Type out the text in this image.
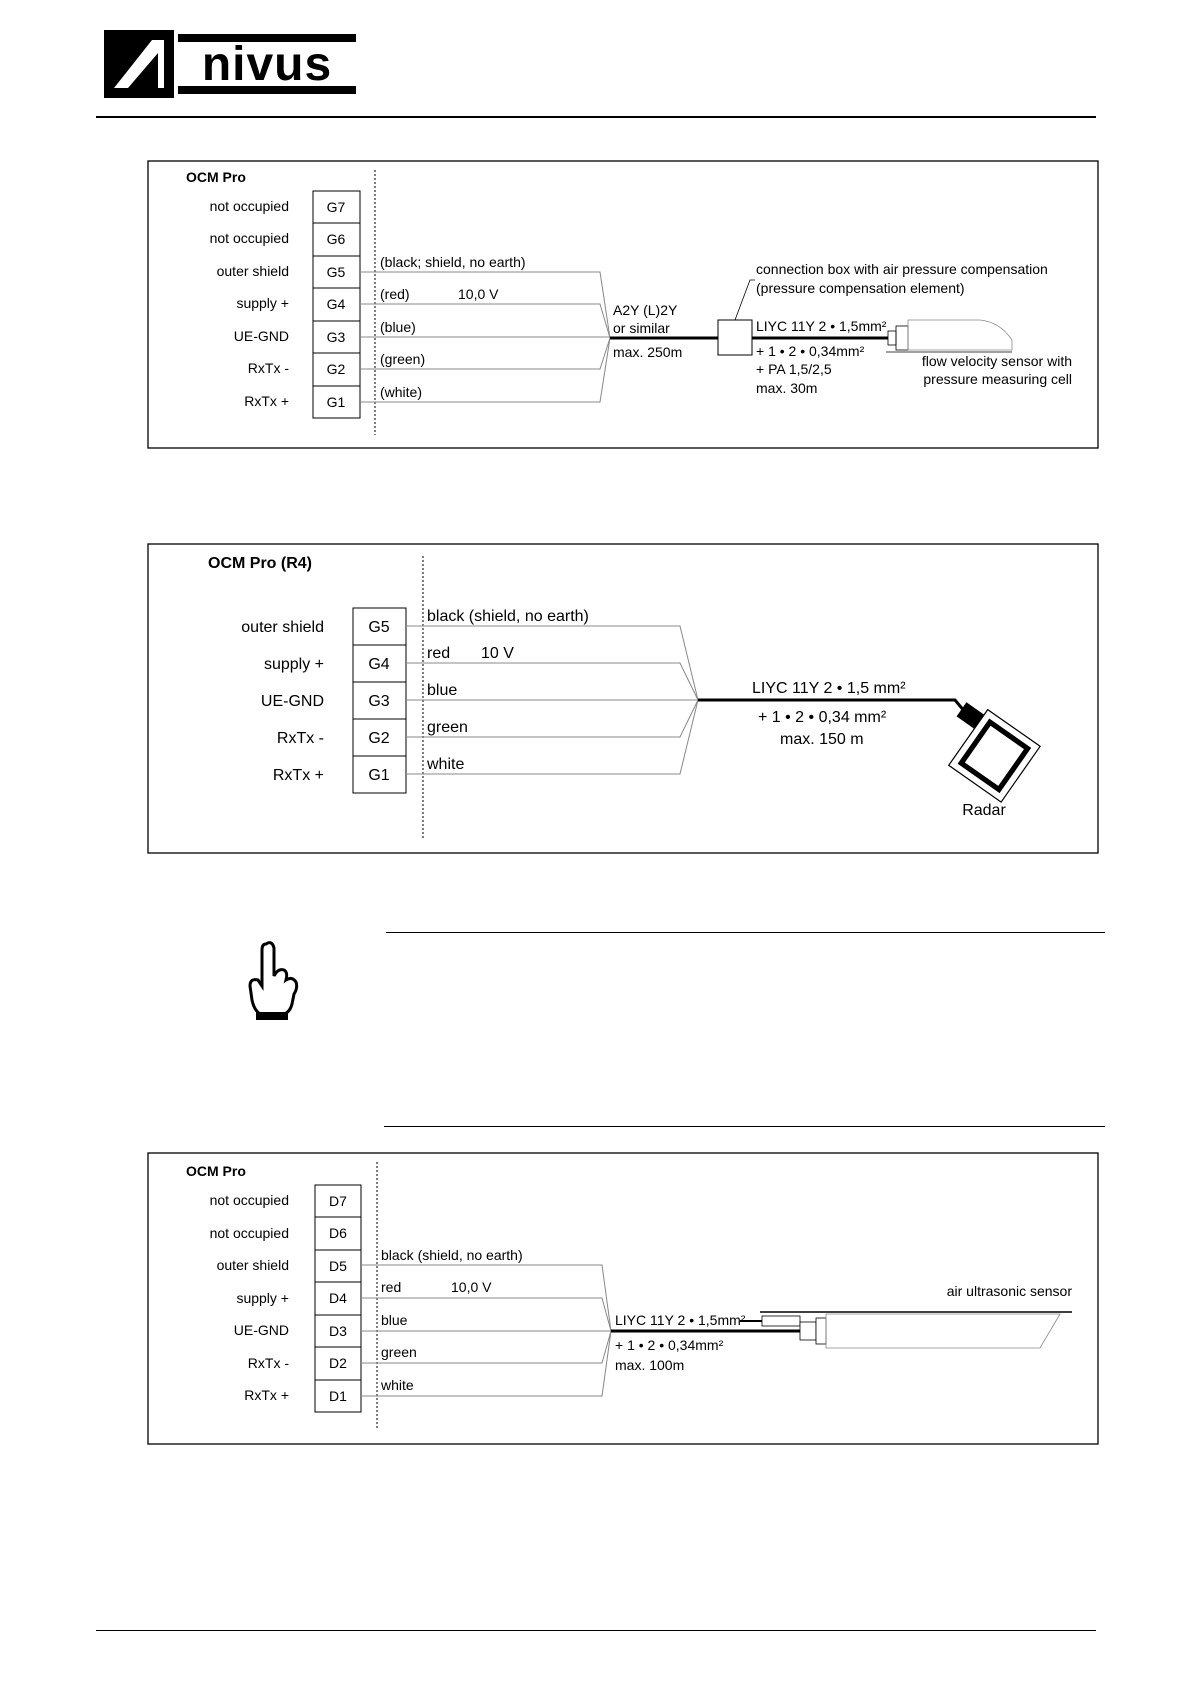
nivus
OCM Pro
not occupied	G7
not occupied	G6
outer shield	G5
(black; shield, no earth)
supply +	G4
(red)	10,0 V
UE-GND	G3
(blue)
RxTx -	G2
(green)
RxTx +	G1
(white)
A2Y (L)2Y
or similar
max. 250m
connection box with air pressure compensation
(pressure compensation element)
LIYC 11Y 2 • 1,5mm²
+ 1 • 2 • 0,34mm²
+ PA 1,5/2,5
max. 30m
flow velocity sensor with
pressure measuring cell
OCM Pro (R4)
outer shield	G5
black (shield, no earth)
supply +	G4
red 10 V
UE-GND	G3
blue
RxTx -	G2
green
RxTx +	G1
white
LIYC 11Y 2 • 1,5 mm²
+ 1 • 2 • 0,34 mm²
max. 150 m
Radar
OCM Pro
not occupied	D7
not occupied	D6
outer shield	D5
black (shield, no earth)
supply +	D4
red	10,0 V
UE-GND	D3
blue
RxTx -	D2
green
RxTx +	D1
white
LIYC 11Y 2 • 1,5mm²
+ 1 • 2 • 0,34mm²
max. 100m
air ultrasonic sensor
